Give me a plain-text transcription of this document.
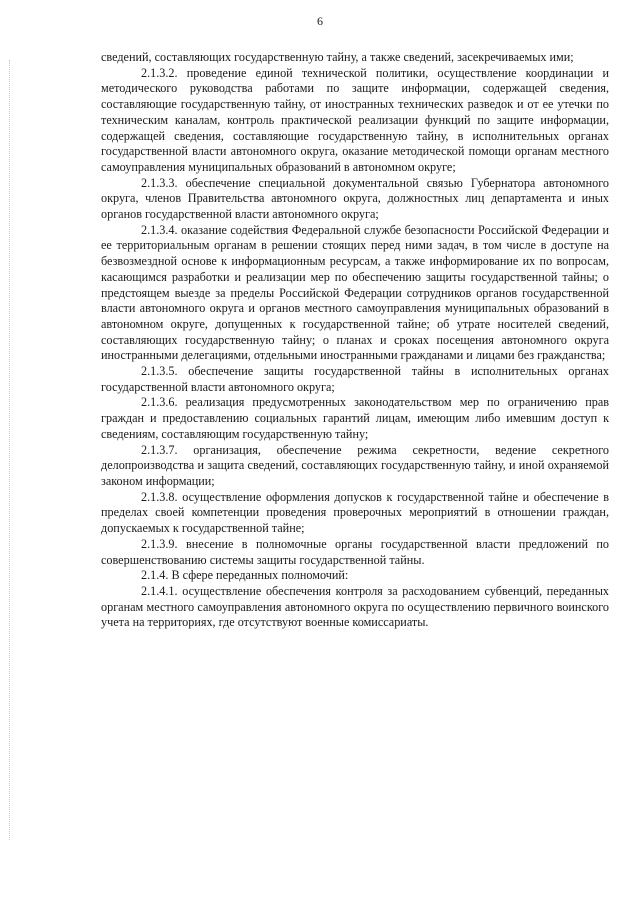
6

сведений, составляющих государственную тайну, а также сведений, засекречиваемых ими;

2.1.3.2. проведение единой технической политики, осуществление координации и методического руководства работами по защите информации, содержащей сведения, составляющие государственную тайну, от иностранных технических разведок и от ее утечки по техническим каналам, контроль практической реализации функций по защите информации, содержащей сведения, составляющие государственную тайну, в исполнительных органах государственной власти автономного округа, оказание методической помощи органам местного самоуправления муниципальных образований в автономном округе;

2.1.3.3. обеспечение специальной документальной связью Губернатора автономного округа, членов Правительства автономного округа, должностных лиц департамента и иных органов государственной власти автономного округа;

2.1.3.4. оказание содействия Федеральной службе безопасности Российской Федерации и ее территориальным органам в решении стоящих перед ними задач, в том числе в доступе на безвозмездной основе к информационным ресурсам, а также информирование их по вопросам, касающимся разработки и реализации мер по обеспечению защиты государственной тайны; о предстоящем выезде за пределы Российской Федерации сотрудников органов государственной власти автономного округа и органов местного самоуправления муниципальных образований в автономном округе, допущенных к государственной тайне; об утрате носителей сведений, составляющих государственную тайну; о планах и сроках посещения автономного округа иностранными делегациями, отдельными иностранными гражданами и лицами без гражданства;

2.1.3.5. обеспечение защиты государственной тайны в исполнительных органах государственной власти автономного округа;

2.1.3.6. реализация предусмотренных законодательством мер по ограничению прав граждан и предоставлению социальных гарантий лицам, имеющим либо имевшим доступ к сведениям, составляющим государственную тайну;

2.1.3.7. организация, обеспечение режима секретности, ведение секретного делопроизводства и защита сведений, составляющих государственную тайну, и иной охраняемой законом информации;

2.1.3.8. осуществление оформления допусков к государственной тайне и обеспечение в пределах своей компетенции проведения проверочных мероприятий в отношении граждан, допускаемых к государственной тайне;

2.1.3.9. внесение в полномочные органы государственной власти предложений по совершенствованию системы защиты государственной тайны.

2.1.4. В сфере переданных полномочий:

2.1.4.1. осуществление обеспечения контроля за расходованием субвенций, переданных органам местного самоуправления автономного округа по осуществлению первичного воинского учета на территориях, где отсутствуют военные комиссариаты.
